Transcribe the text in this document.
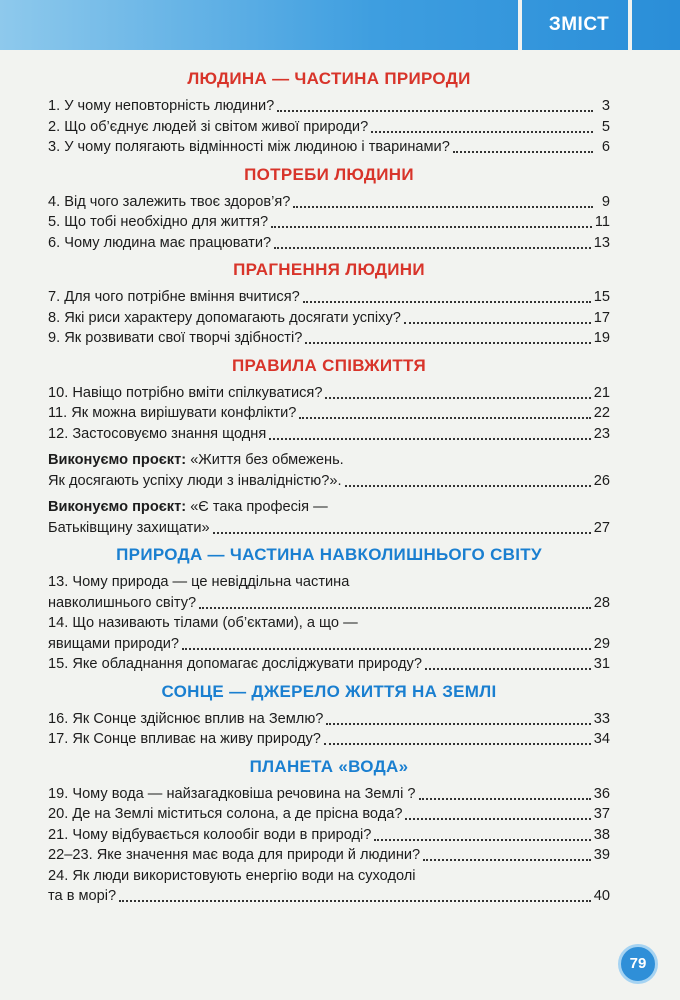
ЗМІСТ
ЛЮДИНА — ЧАСТИНА ПРИРОДИ
1. У чому неповторність людини?	3
2. Що об’єднує людей зі світом живої природи?	5
3. У чому полягають відмінності між людиною і тваринами?	6
ПОТРЕБИ ЛЮДИНИ
4. Від чого залежить твоє здоров’я?	9
5. Що тобі необхідно для життя?	11
6. Чому людина має працювати?	13
ПРАГНЕННЯ ЛЮДИНИ
7. Для чого потрібне вміння вчитися?	15
8. Які риси характеру допомагають досягати успіху?	17
9. Як розвивати свої творчі здібності?	19
ПРАВИЛА СПІВЖИТТЯ
10. Навіщо потрібно вміти спілкуватися?	21
11. Як можна вирішувати конфлікти?	22
12. Застосовуємо знання щодня	23
Виконуємо проєкт: «Життя без обмежень.
Як досягають успіху люди з інвалідністю?».	26
Виконуємо проєкт: «Є така професія —
Батьківщину захищати»	27
ПРИРОДА — ЧАСТИНА НАВКОЛИШНЬОГО СВІТУ
13. Чому природа — це невіддільна частина
навколишнього світу?	28
14. Що називають тілами (об’єктами), а що —
явищами природи?	29
15. Яке обладнання допомагає досліджувати природу?	31
СОНЦЕ — ДЖЕРЕЛО ЖИТТЯ НА ЗЕМЛІ
16. Як Сонце здійснює вплив на Землю?	33
17. Як Сонце впливає на живу природу?	34
ПЛАНЕТА «ВОДА»
19. Чому вода — найзагадковіша речовина на Землі ?	36
20. Де на Землі міститься солона, а де прісна вода?	37
21. Чому відбувається колообіг води в природі?	38
22–23. Яке значення має вода для природи й людини?	39
24. Як люди використовують енергію води на суходолі
та в морі?	40
79
